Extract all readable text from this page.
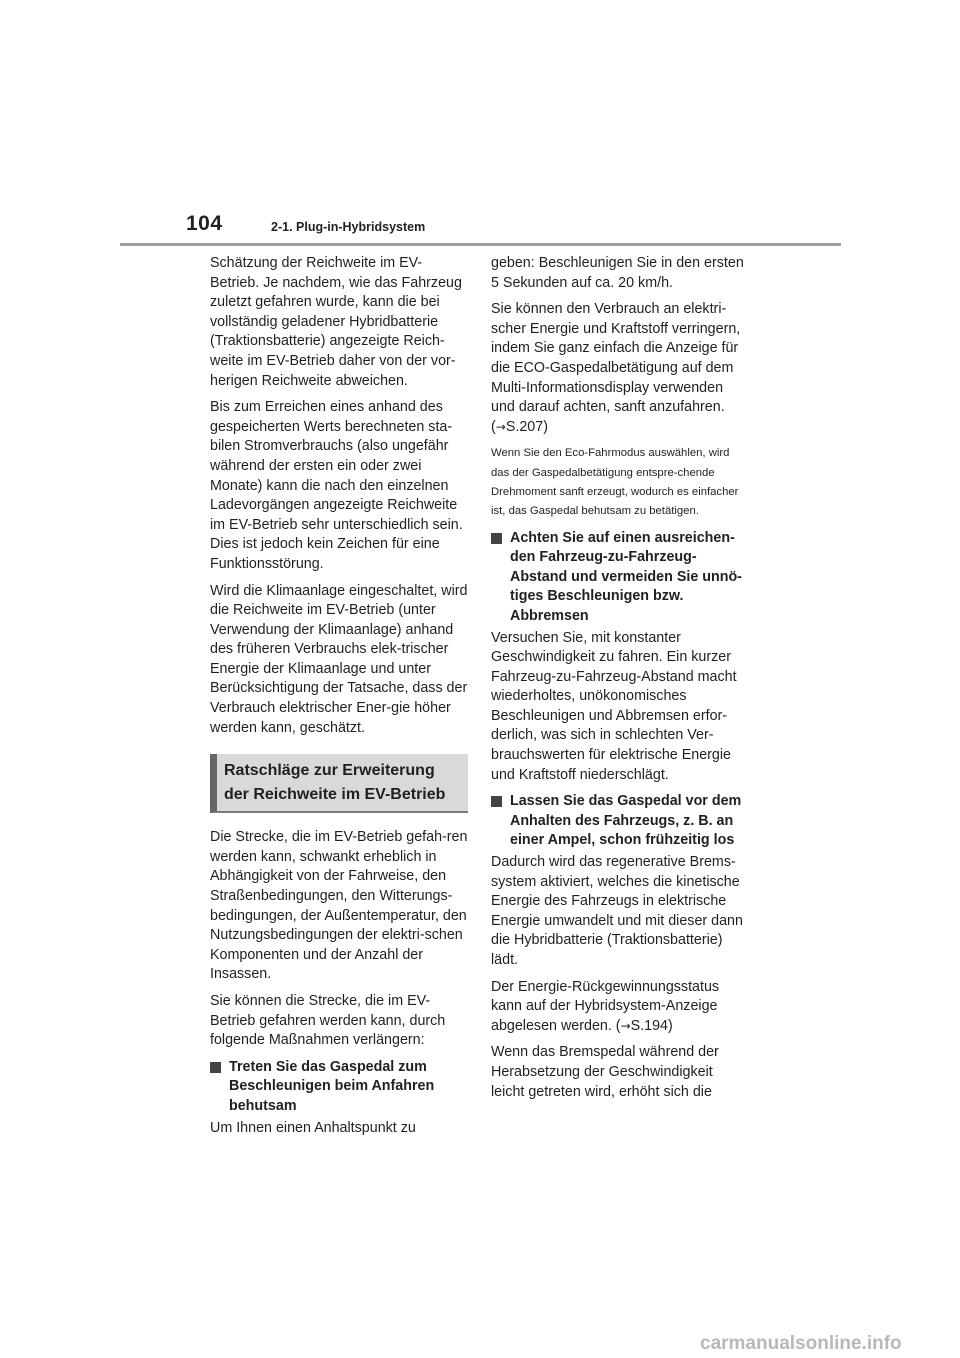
104	2-1. Plug-in-Hybridsystem

Schätzung der Reichweite im EV-Betrieb. Je nachdem, wie das Fahrzeug zuletzt gefahren wurde, kann die bei vollständig geladener Hybridbatterie (Traktionsbatterie) angezeigte Reich-weite im EV-Betrieb daher von der vor-herigen Reichweite abweichen.

Bis zum Erreichen eines anhand des gespeicherten Werts berechneten sta-bilen Stromverbrauchs (also ungefähr während der ersten ein oder zwei Monate) kann die nach den einzelnen Ladevorgängen angezeigte Reichweite im EV-Betrieb sehr unterschiedlich sein. Dies ist jedoch kein Zeichen für eine Funktionsstörung.

Wird die Klimaanlage eingeschaltet, wird die Reichweite im EV-Betrieb (unter Verwendung der Klimaanlage) anhand des früheren Verbrauchs elek-trischer Energie der Klimaanlage und unter Berücksichtigung der Tatsache, dass der Verbrauch elektrischer Ener-gie höher werden kann, geschätzt.

Ratschläge zur Erweiterung der Reichweite im EV-Betrieb

Die Strecke, die im EV-Betrieb gefah-ren werden kann, schwankt erheblich in Abhängigkeit von der Fahrweise, den Straßenbedingungen, den Witterungs-bedingungen, der Außentemperatur, den Nutzungsbedingungen der elektri-schen Komponenten und der Anzahl der Insassen.

Sie können die Strecke, die im EV-Betrieb gefahren werden kann, durch folgende Maßnahmen verlängern:

Treten Sie das Gaspedal zum Beschleunigen beim Anfahren behutsam

Um Ihnen einen Anhaltspunkt zu

geben: Beschleunigen Sie in den ersten 5 Sekunden auf ca. 20 km/h.

Sie können den Verbrauch an elektri-scher Energie und Kraftstoff verringern, indem Sie ganz einfach die Anzeige für die ECO-Gaspedalbetätigung auf dem Multi-Informationsdisplay verwenden und darauf achten, sanft anzufahren.
(→S.207)

Wenn Sie den Eco-Fahrmodus auswählen, wird das der Gaspedalbetätigung entspre-chende Drehmoment sanft erzeugt, wodurch es einfacher ist, das Gaspedal behutsam zu betätigen.

Achten Sie auf einen ausreichen-den Fahrzeug-zu-Fahrzeug-Abstand und vermeiden Sie unnö-tiges Beschleunigen bzw. Abbremsen

Versuchen Sie, mit konstanter Geschwindigkeit zu fahren. Ein kurzer Fahrzeug-zu-Fahrzeug-Abstand macht wiederholtes, unökonomisches Beschleunigen und Abbremsen erfor-derlich, was sich in schlechten Ver-brauchswerten für elektrische Energie und Kraftstoff niederschlägt.

Lassen Sie das Gaspedal vor dem Anhalten des Fahrzeugs, z. B. an einer Ampel, schon frühzeitig los

Dadurch wird das regenerative Brems-system aktiviert, welches die kinetische Energie des Fahrzeugs in elektrische Energie umwandelt und mit dieser dann die Hybridbatterie (Traktionsbatterie) lädt.

Der Energie-Rückgewinnungsstatus kann auf der Hybridsystem-Anzeige abgelesen werden. (→S.194)

Wenn das Bremspedal während der Herabsetzung der Geschwindigkeit leicht getreten wird, erhöht sich die

carmanualsonline.info
